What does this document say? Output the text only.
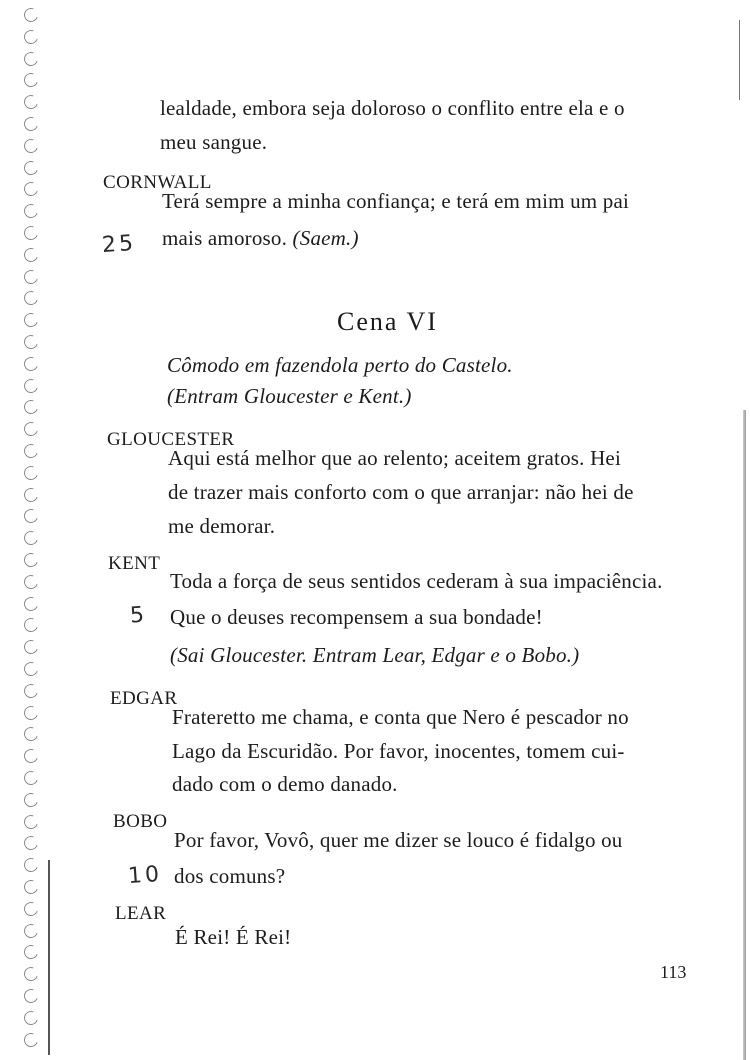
lealdade, embora seja doloroso o conflito entre ela e o
meu sangue.
CORNWALL
Terá sempre a minha confiança; e terá em mim um pai
mais amoroso. (Saem.)
25
Cena VI
Cômodo em fazendola perto do Castelo.
(Entram Gloucester e Kent.)
GLOUCESTER
Aqui está melhor que ao relento; aceitem gratos. Hei
de trazer mais conforto com o que arranjar: não hei de
me demorar.
KENT
Toda a força de seus sentidos cederam à sua impaciência.
Que o deuses recompensem a sua bondade!
5
(Sai Gloucester. Entram Lear, Edgar e o Bobo.)
EDGAR
Frateretto me chama, e conta que Nero é pescador no
Lago da Escuridão. Por favor, inocentes, tomem cui-
dado com o demo danado.
BOBO
Por favor, Vovô, quer me dizer se louco é fidalgo ou
dos comuns?
10
LEAR
É Rei! É Rei!
113
